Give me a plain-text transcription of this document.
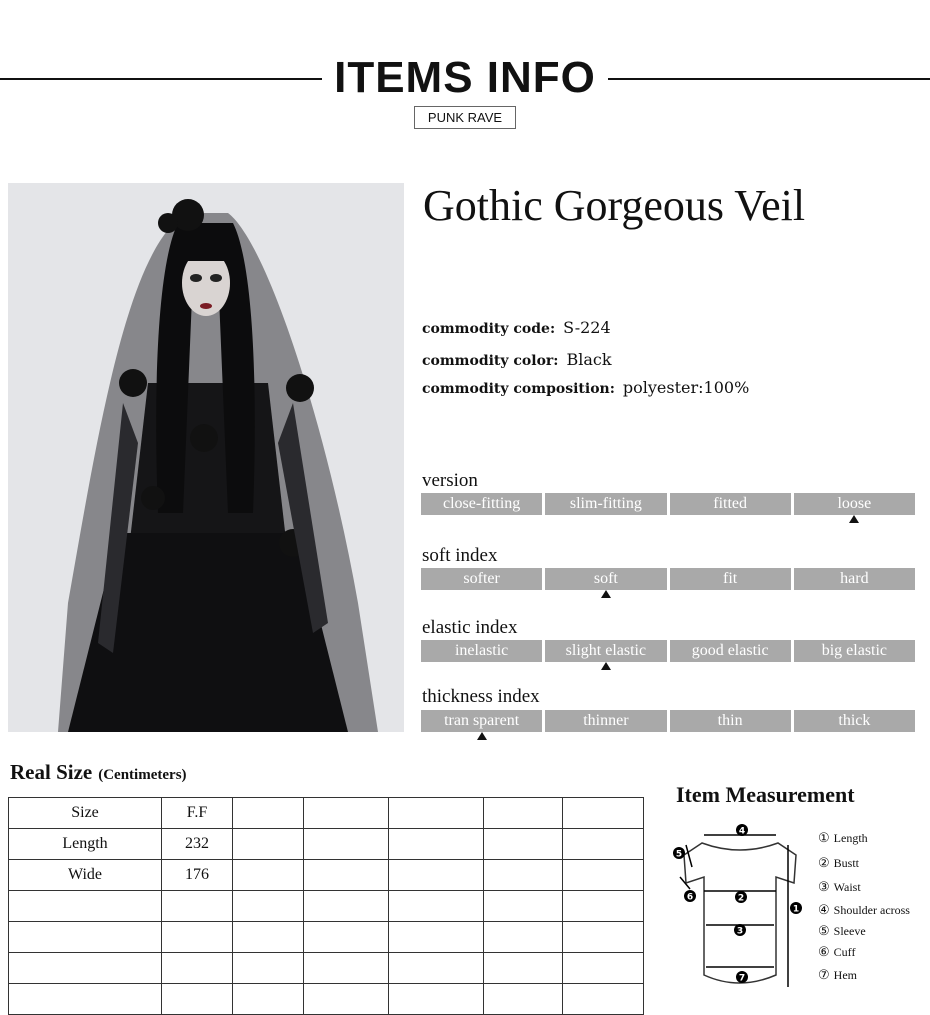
ITEMS INFO
PUNK RAVE
Gothic Gorgeous Veil
commodity code: S-224
commodity color: Black
commodity composition: polyester:100%
version
close-fitting	slim-fitting	fitted	loose
soft index
softer	soft	fit	hard
elastic index
inelastic	slight elastic	good elastic	big elastic
thickness index
tran sparent	thinner	thin	thick
Real Size (Centimeters)
Size	F.F					
Length	232					
Wide	176					

Item Measurement
4
2
3
7
1
5
6
① Length
② Bustt
③ Waist
④ Shoulder across
⑤ Sleeve
⑥ Cuff
⑦ Hem
